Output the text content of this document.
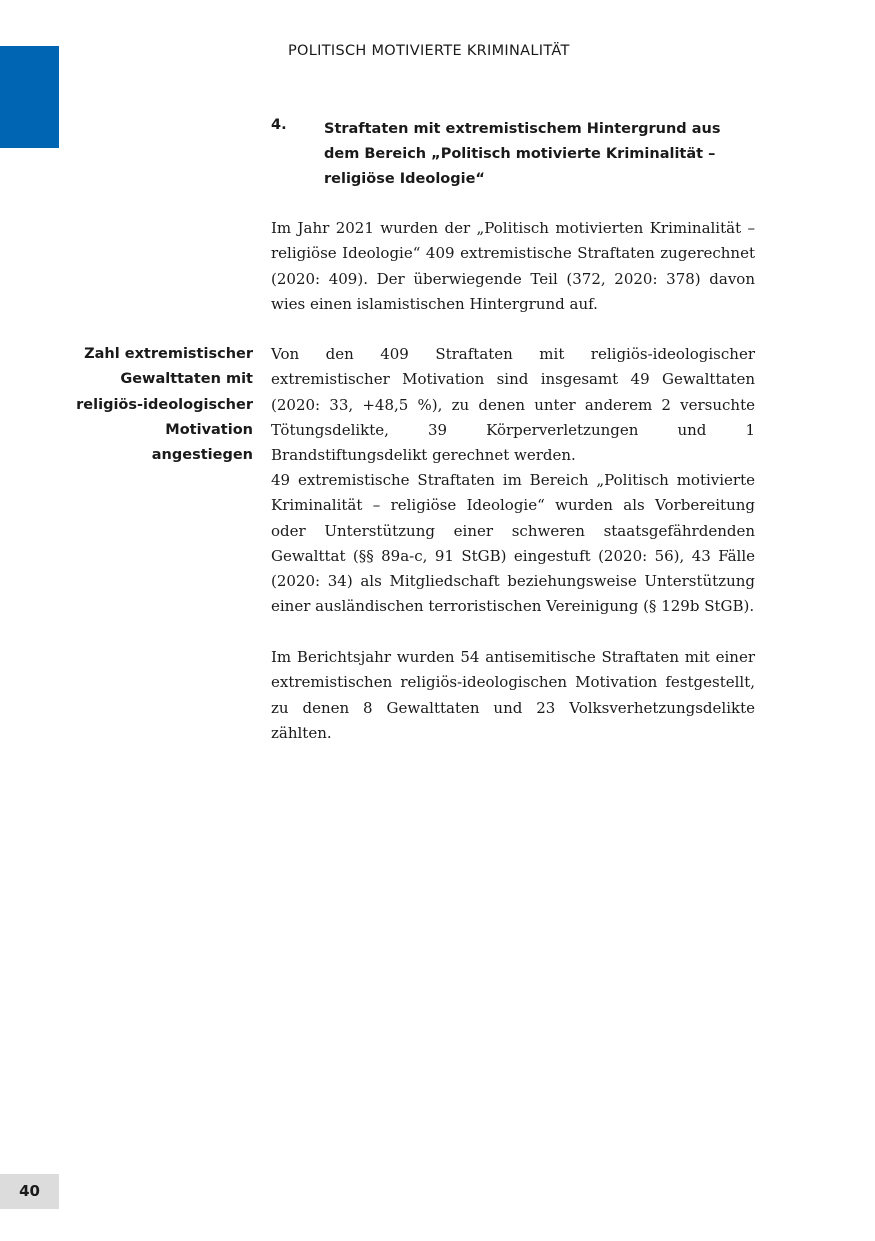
POLITISCH MOTIVIERTE KRIMINALITÄT
4.	Straftaten mit extremistischem Hintergrund aus dem Bereich „Politisch motivierte Kriminalität – religiöse Ideologie“
Zahl extremistischer
Gewalttaten mit
religiös-ideologischer
Motivation
angestiegen

Im Jahr 2021 wurden der „Politisch motivierten Kriminalität – religiöse Ideologie“ 409 extremistische Straftaten zugerechnet (2020: 409). Der überwiegende Teil (372, 2020: 378) davon wies einen islamistischen Hintergrund auf.

Von den 409 Straftaten mit religiös-ideologischer extremistischer Motivation sind insgesamt 49 Gewalttaten (2020: 33, +48,5 %), zu denen unter anderem 2 versuchte Tötungsdelikte, 39 Körperverletzungen und 1 Brandstiftungsdelikt gerechnet werden.

49 extremistische Straftaten im Bereich „Politisch motivierte Kriminalität – religiöse Ideologie“ wurden als Vorbereitung oder Unterstützung einer schweren staatsgefährdenden Gewalttat (§§ 89a-c, 91 StGB) eingestuft (2020: 56), 43 Fälle (2020: 34) als Mitgliedschaft beziehungsweise Unterstützung einer ausländischen terroristischen Vereinigung (§ 129b StGB).

Im Berichtsjahr wurden 54 antisemitische Straftaten mit einer extremistischen religiös-ideologischen Motivation festgestellt, zu denen 8 Gewalttaten und 23 Volksverhetzungsdelikte zählten.

40
